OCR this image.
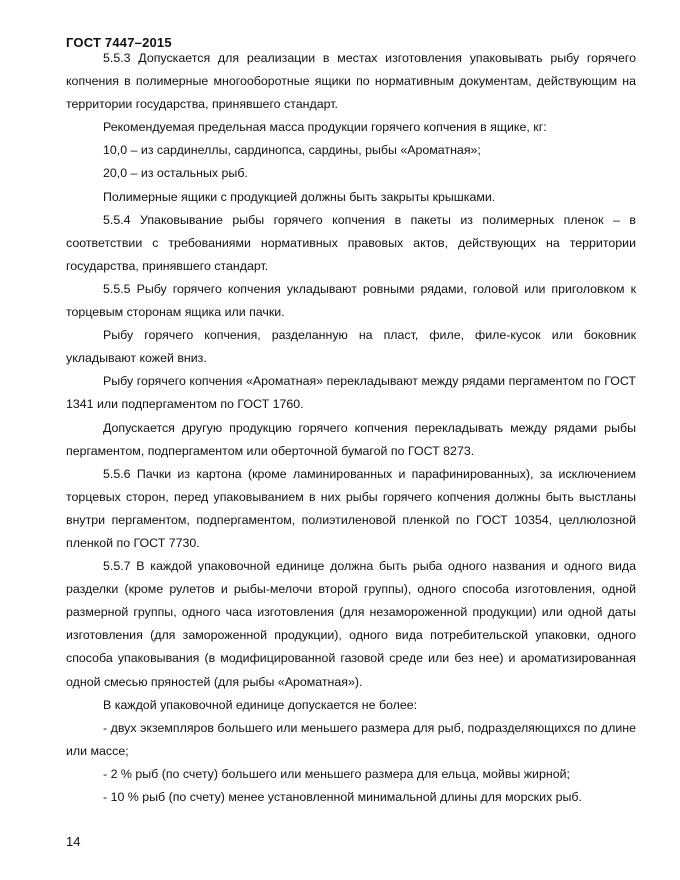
ГОСТ 7447–2015

5.5.3 Допускается для реализации в местах изготовления упаковывать рыбу горячего копчения в полимерные многооборотные ящики по нормативным документам, действующим на территории государства, принявшего стандарт.

Рекомендуемая предельная масса продукции горячего копчения в ящике, кг:

10,0 – из сардинеллы, сардинопса, сардины, рыбы «Ароматная»;

20,0 – из остальных рыб.

Полимерные ящики с продукцией должны быть закрыты крышками.

5.5.4 Упаковывание рыбы горячего копчения в пакеты из полимерных пленок – в соответствии с требованиями нормативных правовых актов, действующих на территории государства, принявшего стандарт.

5.5.5 Рыбу горячего копчения укладывают ровными рядами, головой или приголовком к торцевым сторонам ящика или пачки.

Рыбу горячего копчения, разделанную на пласт, филе, филе-кусок или боковник укладывают кожей вниз.

Рыбу горячего копчения «Ароматная» перекладывают между рядами пергаментом по ГОСТ 1341 или подпергаментом по ГОСТ 1760.

Допускается другую продукцию горячего копчения перекладывать между рядами рыбы пергаментом, подпергаментом или оберточной бумагой по ГОСТ 8273.

5.5.6 Пачки из картона (кроме ламинированных и парафинированных), за исключением торцевых сторон, перед упаковыванием в них рыбы горячего копчения должны быть выстланы внутри пергаментом, подпергаментом, полиэтиленовой пленкой по ГОСТ 10354, целлюлозной пленкой по ГОСТ 7730.

5.5.7 В каждой упаковочной единице должна быть рыба одного названия и одного вида разделки (кроме рулетов и рыбы-мелочи второй группы), одного способа изготовления, одной размерной группы, одного часа изготовления (для незамороженной продукции) или одной даты изготовления (для замороженной продукции), одного вида потребительской упаковки, одного способа упаковывания (в модифицированной газовой среде или без нее) и ароматизированная одной смесью пряностей (для рыбы «Ароматная»).

В каждой упаковочной единице допускается не более:

- двух экземпляров большего или меньшего размера для рыб, подразделяющихся по длине или массе;

- 2 % рыб (по счету) большего или меньшего размера для ельца, мойвы жирной;

- 10 % рыб (по счету) менее установленной минимальной длины для морских рыб.

14
